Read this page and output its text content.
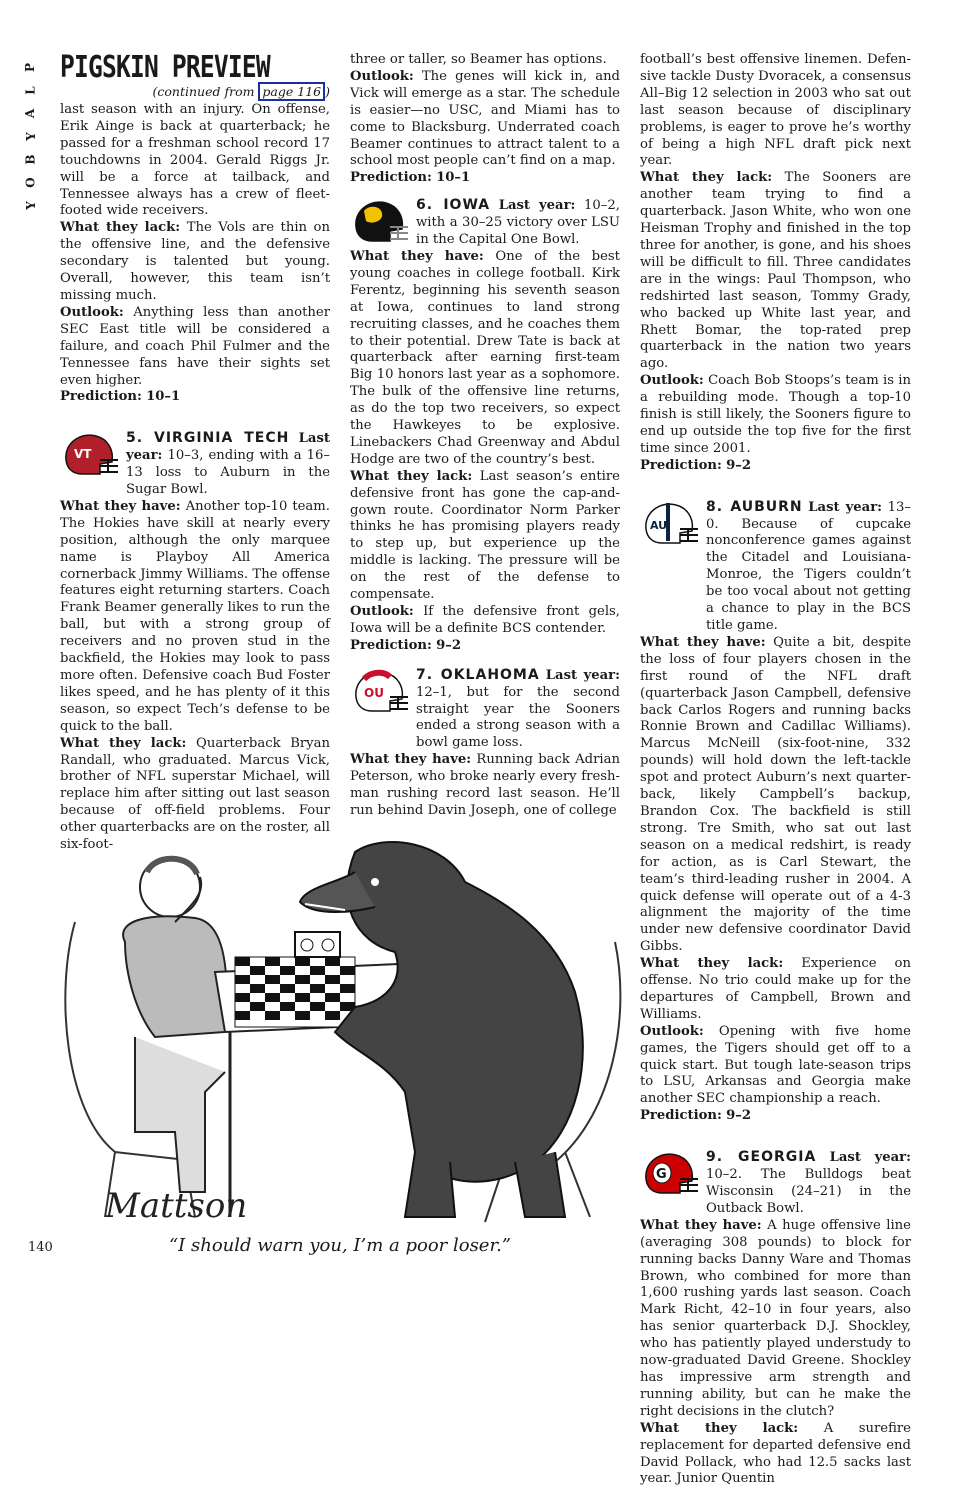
P
L
A
Y
B
O
Y
PIGSKIN PREVIEW
(continued from page 116 )

last season with an injury. On offense, Erik Ainge is back at quarterback; he passed for a freshman school record 17 touchdowns in 2004. Gerald Riggs Jr. will be a force at tailback, and Tennessee always has a crew of fleet-footed wide receivers.

What they lack: The Vols are thin on the offensive line, and the defensive secondary is talented but young. Overall, however, this team isn’t missing much.

Outlook: Anything less than another SEC East title will be considered a failure, and coach Phil Fulmer and the Tennessee fans have their sights set even higher.

Prediction: 10–1

VT
5. VIRGINIA TECH Last year: 10–3, ending with a 16–13 loss to Auburn in the Sugar Bowl.

What they have: Another top-10 team. The Hokies have skill at nearly every position, although the only marquee name is Playboy All America cornerback Jimmy Williams. The offense features eight returning starters. Coach Frank Beamer generally likes to run the ball, but with a strong group of receivers and no proven stud in the backfield, the Hokies may look to pass more often. Defensive coach Bud Foster likes speed, and he has plenty of it this season, so expect Tech’s defense to be quick to the ball.

What they lack: Quarterback Bryan Randall, who graduated. Marcus Vick, brother of NFL superstar Michael, will replace him after sitting out last season because of off-field problems. Four other quarterbacks are on the roster, all six-foot-

three or taller, so Beamer has options.

Outlook: The genes will kick in, and Vick will emerge as a star. The schedule is easier—no USC, and Miami has to come to Blacksburg. Underrated coach Beamer continues to attract talent to a school most people can’t find on a map.

Prediction: 10–1

6. IOWA Last year: 10–2, with a 30–25 victory over LSU in the Capital One Bowl.

What they have: One of the best young coaches in college football. Kirk Ferentz, beginning his seventh season at Iowa, continues to land strong recruiting classes, and he coaches them to their potential. Drew Tate is back at quarterback after earning first-team Big 10 honors last year as a sophomore. The bulk of the offensive line returns, as do the top two receivers, so expect the Hawkeyes to be explosive. Linebackers Chad Greenway and Abdul Hodge are two of the country’s best.

What they lack: Last season’s entire defensive front has gone the cap-and-gown route. Coordinator Norm Parker thinks he has promising players ready to step up, but experience up the middle is lacking. The pressure will be on the rest of the defense to compensate.

Outlook: If the defensive front gels, Iowa will be a definite BCS contender.

Prediction: 9–2

OU
7. OKLAHOMA Last year: 12–1, but for the second straight year the Sooners ended a strong season with a bowl game loss.

What they have: Running back Adrian Peterson, who broke nearly every freshman rushing record last season. He’ll run behind Davin Joseph, one of college

football’s best offensive linemen. Defensive tackle Dusty Dvoracek, a consensus All–Big 12 selection in 2003 who sat out last season because of disciplinary problems, is eager to prove he’s worthy of being a high NFL draft pick next year.

What they lack: The Sooners are another team trying to find a quarterback. Jason White, who won one Heisman Trophy and finished in the top three for another, is gone, and his shoes will be difficult to fill. Three candidates are in the wings: Paul Thompson, who redshirted last season, Tommy Grady, who backed up White last year, and Rhett Bomar, the top-rated prep quarterback in the nation two years ago.

Outlook: Coach Bob Stoops’s team is in a rebuilding mode. Though a top-10 finish is still likely, the Sooners figure to end up outside the top five for the first time since 2001.

Prediction: 9–2

AU
8. AUBURN Last year: 13–0. Because of cupcake nonconference games against the Citadel and Louisiana-Monroe, the Tigers couldn’t be too vocal about not getting a chance to play in the BCS title game.

What they have: Quite a bit, despite the loss of four players chosen in the first round of the NFL draft (quarterback Jason Campbell, defensive back Carlos Rogers and running backs Ronnie Brown and Cadillac Williams). Marcus McNeill (six-foot-nine, 332 pounds) will hold down the left-tackle spot and protect Auburn’s next quarterback, likely Campbell’s backup, Brandon Cox. The backfield is still strong. Tre Smith, who sat out last season on a medical redshirt, is ready for action, as is Carl Stewart, the team’s third-leading rusher in 2004. A quick defense will operate out of a 4-3 alignment the majority of the time under new defensive coordinator David Gibbs.

What they lack: Experience on offense. No trio could make up for the departures of Campbell, Brown and Williams.

Outlook: Opening with five home games, the Tigers should get off to a quick start. But tough late-season trips to LSU, Arkansas and Georgia make another SEC championship a reach.

Prediction: 9–2

G
9. GEORGIA Last year: 10–2. The Bulldogs beat Wisconsin (24–21) in the Outback Bowl.

What they have: A huge offensive line (averaging 308 pounds) to block for running backs Danny Ware and Thomas Brown, who combined for more than 1,600 rushing yards last season. Coach Mark Richt, 42–10 in four years, also has senior quarterback D.J. Shockley, who has patiently played understudy to now-graduated David Greene. Shockley has impressive arm strength and running ability, but can he make the right decisions in the clutch?

What they lack: A surefire replacement for departed defensive end David Pollack, who had 12.5 sacks last year. Junior Quentin

Mattson
“I should warn you, I’m a poor loser.”
140
